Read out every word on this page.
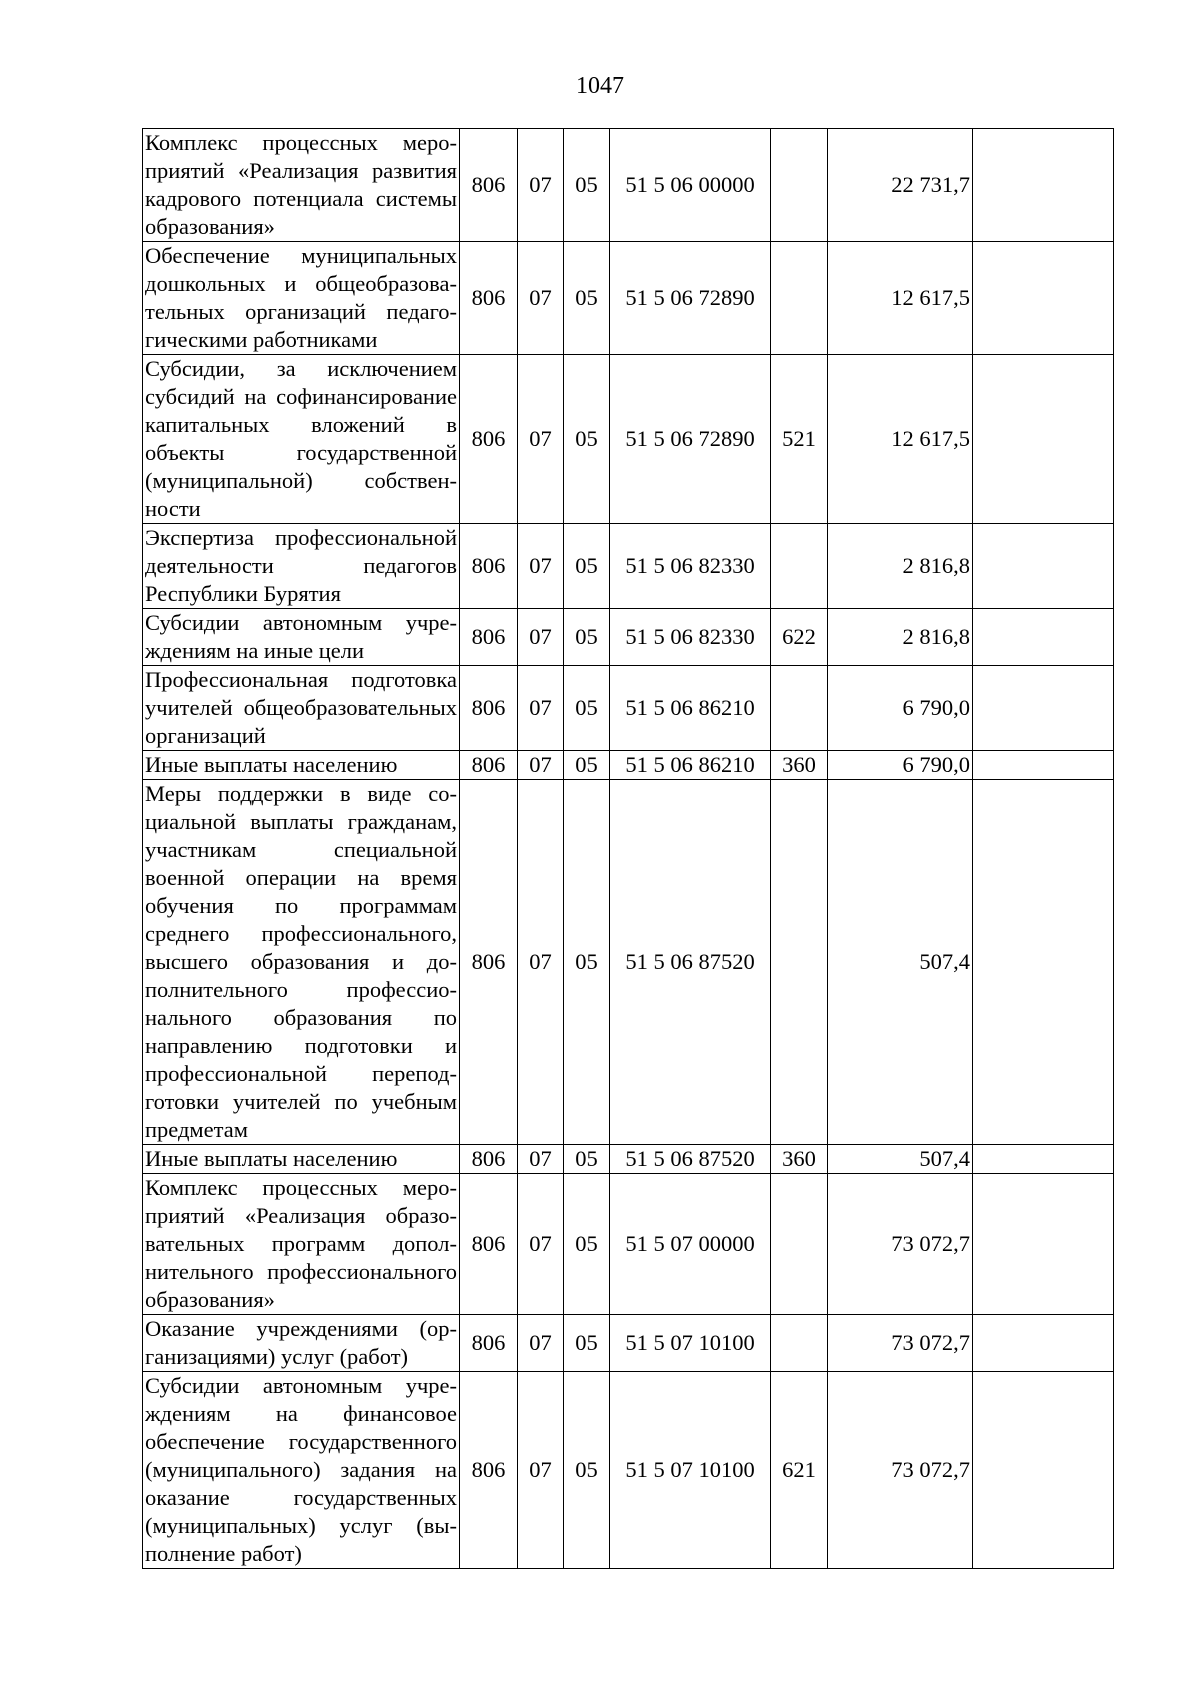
1047
Комплекс процессных мероприятий «Реализация развития кадрового потенциала системы образования»	806	07	05	51 5 06 00000		22 731,7	
Обеспечение муниципальных дошкольных и общеобразовательных организаций педагогическими работниками	806	07	05	51 5 06 72890		12 617,5	
Субсидии, за исключением субсидий на софинансирование капитальных вложений в объекты государственной (муниципальной) собственности	806	07	05	51 5 06 72890	521	12 617,5	
Экспертиза профессиональной деятельности педагогов Республики Бурятия	806	07	05	51 5 06 82330		2 816,8	
Субсидии автономным учреждениям на иные цели	806	07	05	51 5 06 82330	622	2 816,8	
Профессиональная подготовка учителей общеобразовательных организаций	806	07	05	51 5 06 86210		6 790,0	
Иные выплаты населению	806	07	05	51 5 06 86210	360	6 790,0	
Меры поддержки в виде социальной выплаты гражданам, участникам специальной военной операции на время обучения по программам среднего профессионального, высшего образования и дополнительного профессионального образования по направлению подготовки и профессиональной переподготовки учителей по учебным предметам	806	07	05	51 5 06 87520		507,4	
Иные выплаты населению	806	07	05	51 5 06 87520	360	507,4	
Комплекс процессных мероприятий «Реализация образовательных программ дополнительного профессионального образования»	806	07	05	51 5 07 00000		73 072,7	
Оказание учреждениями (организациями) услуг (работ)	806	07	05	51 5 07 10100		73 072,7	
Субсидии автономным учреждениям на финансовое обеспечение государственного (муниципального) задания на оказание государственных (муниципальных) услуг (выполнение работ)	806	07	05	51 5 07 10100	621	73 072,7	
